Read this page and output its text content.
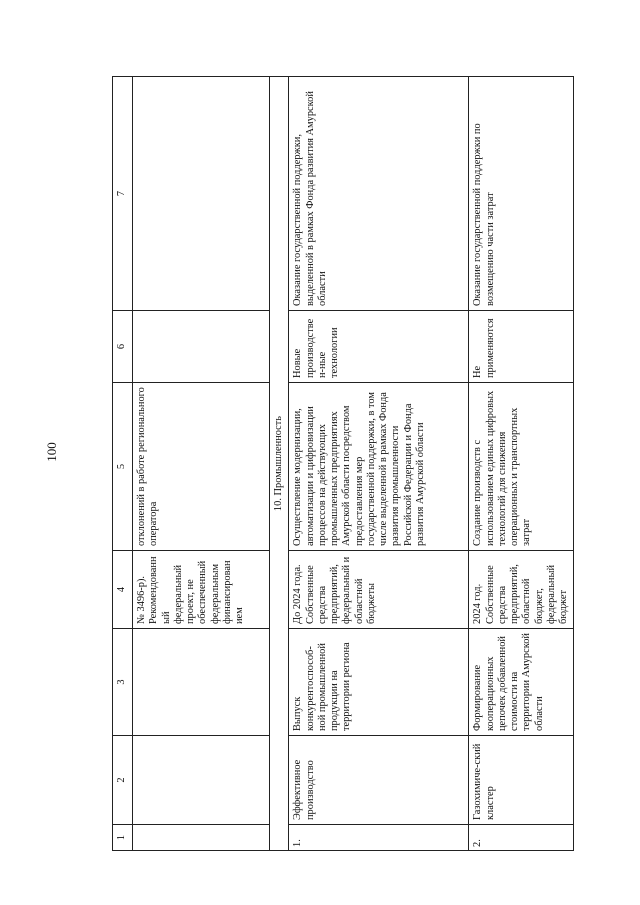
100
1	2	3	4	5	6	7
			№ 3496-р). Рекомендованный федеральный проект, не обеспеченный федеральным финансированием	отклонений в работе регионального оператора		
10. Промышленность						
1.	Эффективное производство	Выпуск конкурентоспособ-ной промышленной продукции на территории региона	До 2024 года. Собственные средства предприятий, федеральный и областной бюджеты	Осуществление модернизации, автоматизации и цифровизации процессов на действующих промышленных предприятиях Амурской области посредством предоставления мер государственной поддержки, в том числе выделенной в рамках Фонда развития промышленности Российской Федерации и Фонда развития Амурской области	Новые производствен-ные технологии	Оказание государственной поддержки, выделенной в рамках Фонда развития Амурской области
2.	Газохимиче-ский кластер	Формирование кооперационных цепочек добавленной стоимости на территории Амурской области	2024 год. Собственные средства предприятий, областной бюджет, федеральный бюджет	Создание производств с использованием единых цифровых технологий для снижения операционных и транспортных затрат	Не применяются	Оказание государственной поддержки по возмещению части затрат
